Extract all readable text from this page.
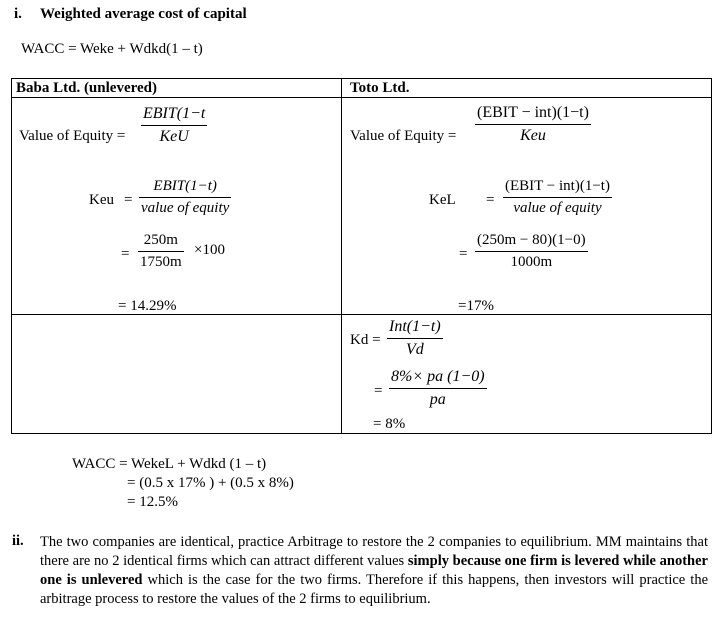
i. Weighted average cost of capital
WACC = Weke + Wdkd(1 – t)
Baba Ltd. (unlevered)	Toto Ltd.
Value of Equity =
EBIT(1−t
KeU
Keu =
EBIT(1−t)
value of equity
=
250m
1750m
×100
= 14.29%
Value of Equity =
(EBIT − int)(1−t)
Keu
KeL =
(EBIT − int)(1−t)
value of equity
=
(250m − 80)(1−0)
1000m
=17%
Kd =
Int(1−t)
Vd
=
8%× pa (1−0)
pa
= 8%
WACC = WekeL + Wdkd (1 – t)
= (0.5 x 17% ) + (0.5 x 8%)
= 12.5%
ii. The two companies are identical, practice Arbitrage to restore the 2 companies to equilibrium. MM maintains that there are no 2 identical firms which can attract different values simply because one firm is levered while another one is unlevered which is the case for the two firms. Therefore if this happens, then investors will practice the arbitrage process to restore the values of the 2 firms to equilibrium.
